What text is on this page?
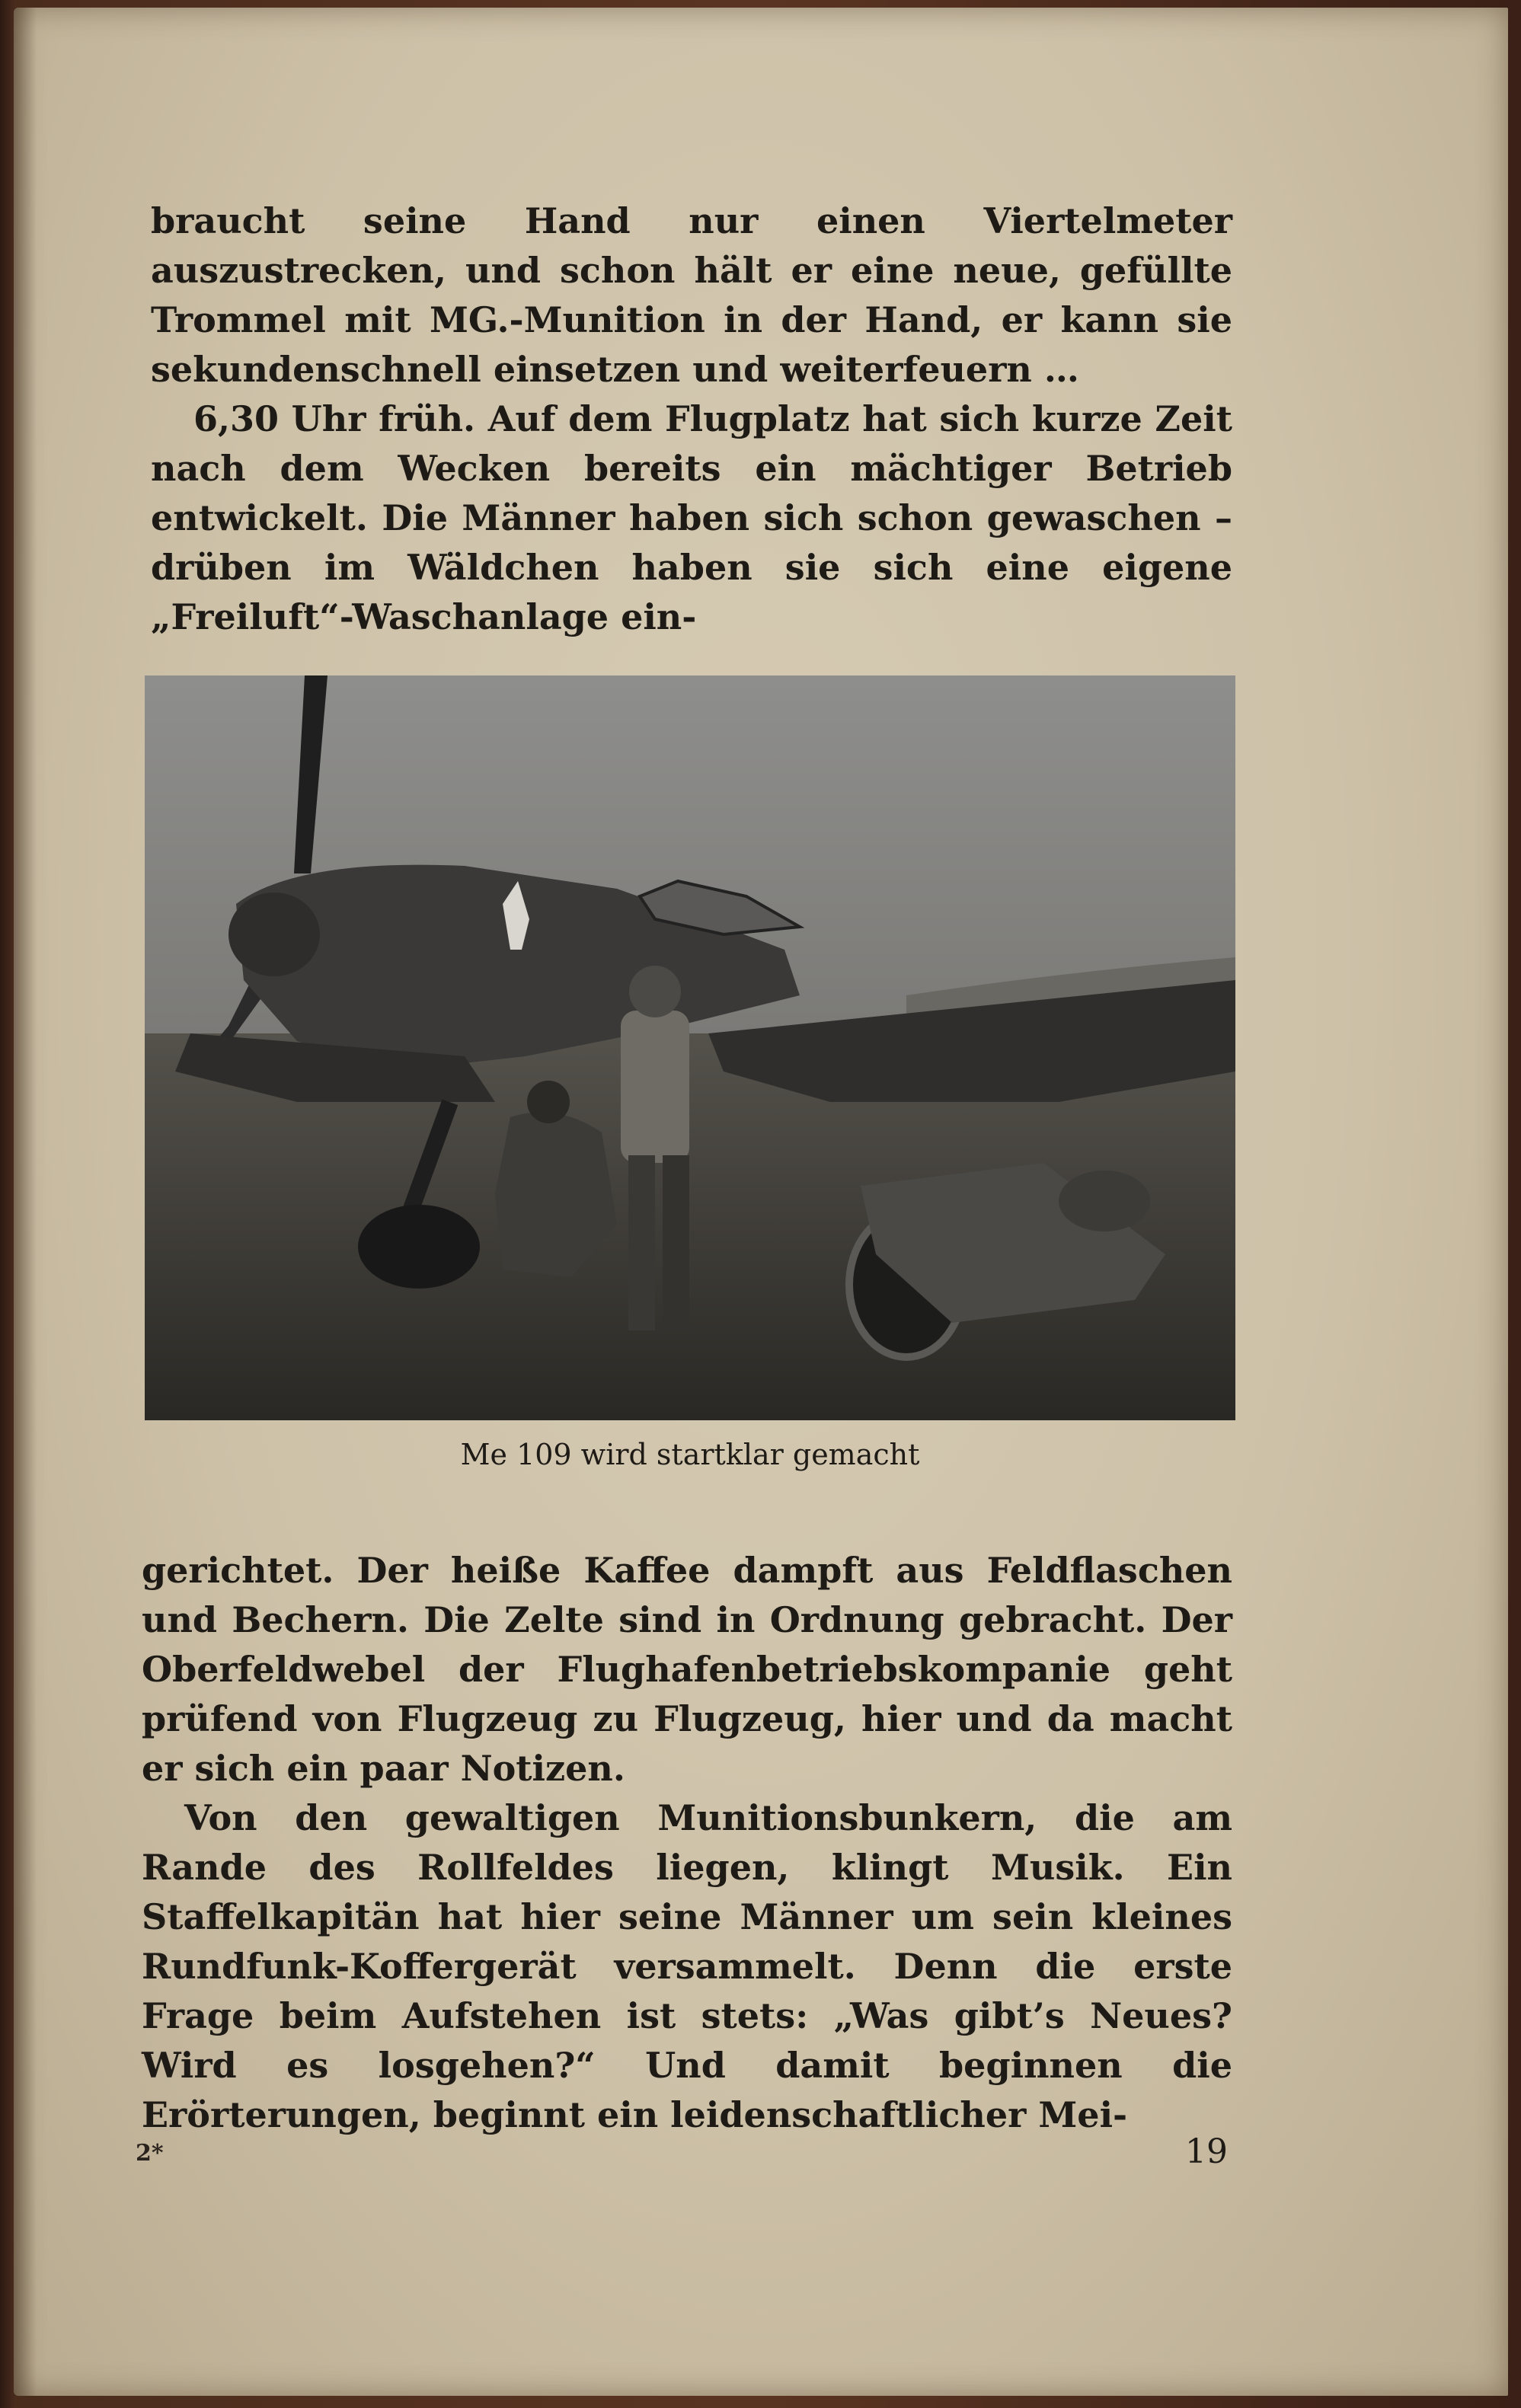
braucht seine Hand nur einen Viertelmeter auszustrecken, und schon hält er eine neue, gefüllte Trommel mit MG.-Munition in der Hand, er kann sie sekundenschnell einsetzen und weiterfeuern …

6,30 Uhr früh. Auf dem Flugplatz hat sich kurze Zeit nach dem Wecken bereits ein mächtiger Betrieb entwickelt. Die Männer haben sich schon gewaschen – drüben im Wäldchen haben sie sich eine eigene „Freiluft“-Waschanlage ein-

Me 109 wird startklar gemacht

gerichtet. Der heiße Kaffee dampft aus Feldflaschen und Bechern. Die Zelte sind in Ordnung gebracht. Der Oberfeldwebel der Flughafenbetriebskompanie geht prüfend von Flugzeug zu Flugzeug, hier und da macht er sich ein paar Notizen.

Von den gewaltigen Munitionsbunkern, die am Rande des Rollfeldes liegen, klingt Musik. Ein Staffelkapitän hat hier seine Männer um sein kleines Rundfunk-Koffergerät versammelt. Denn die erste Frage beim Aufstehen ist stets: „Was gibt’s Neues? Wird es losgehen?“ Und damit beginnen die Erörterungen, beginnt ein leidenschaftlicher Mei-

2*	19
